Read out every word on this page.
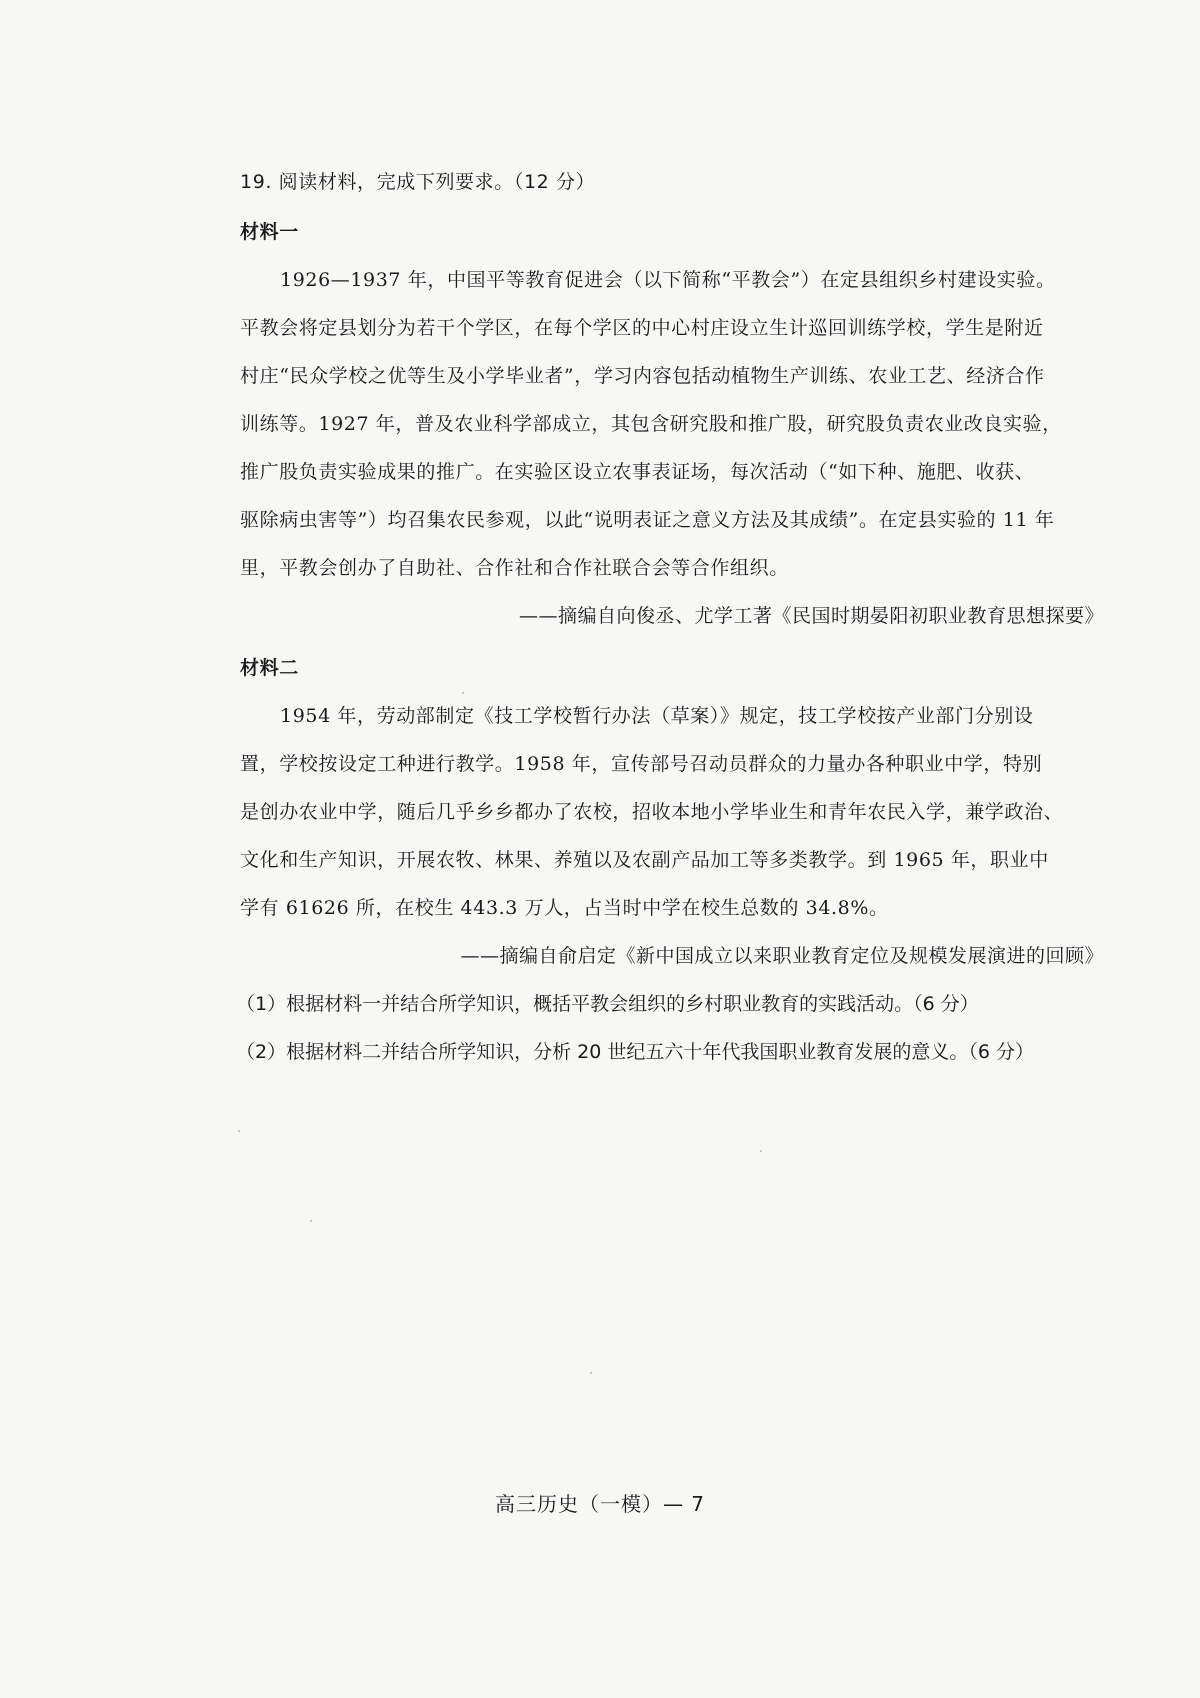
19. 阅读材料，完成下列要求。（12 分）
材料一
1926—1937 年，中国平等教育促进会（以下简称“平教会”）在定县组织乡村建设实验。
平教会将定县划分为若干个学区，在每个学区的中心村庄设立生计巡回训练学校，学生是附近
村庄“民众学校之优等生及小学毕业者”，学习内容包括动植物生产训练、农业工艺、经济合作
训练等。1927 年，普及农业科学部成立，其包含研究股和推广股，研究股负责农业改良实验，
推广股负责实验成果的推广。在实验区设立农事表证场，每次活动（“如下种、施肥、收获、
驱除病虫害等”）均召集农民参观，以此“说明表证之意义方法及其成绩”。在定县实验的 11 年
里，平教会创办了自助社、合作社和合作社联合会等合作组织。
——摘编自向俊丞、尤学工著《民国时期晏阳初职业教育思想探要》
材料二
1954 年，劳动部制定《技工学校暂行办法（草案）》规定，技工学校按产业部门分别设
置，学校按设定工种进行教学。1958 年，宣传部号召动员群众的力量办各种职业中学，特别
是创办农业中学，随后几乎乡乡都办了农校，招收本地小学毕业生和青年农民入学，兼学政治、
文化和生产知识，开展农牧、林果、养殖以及农副产品加工等多类教学。到 1965 年，职业中
学有 61626 所，在校生 443.3 万人，占当时中学在校生总数的 34.8%。
——摘编自俞启定《新中国成立以来职业教育定位及规模发展演进的回顾》
（1）根据材料一并结合所学知识，概括平教会组织的乡村职业教育的实践活动。（6 分）
（2）根据材料二并结合所学知识，分析 20 世纪五六十年代我国职业教育发展的意义。（6 分）
高三历史（一模）— 7
